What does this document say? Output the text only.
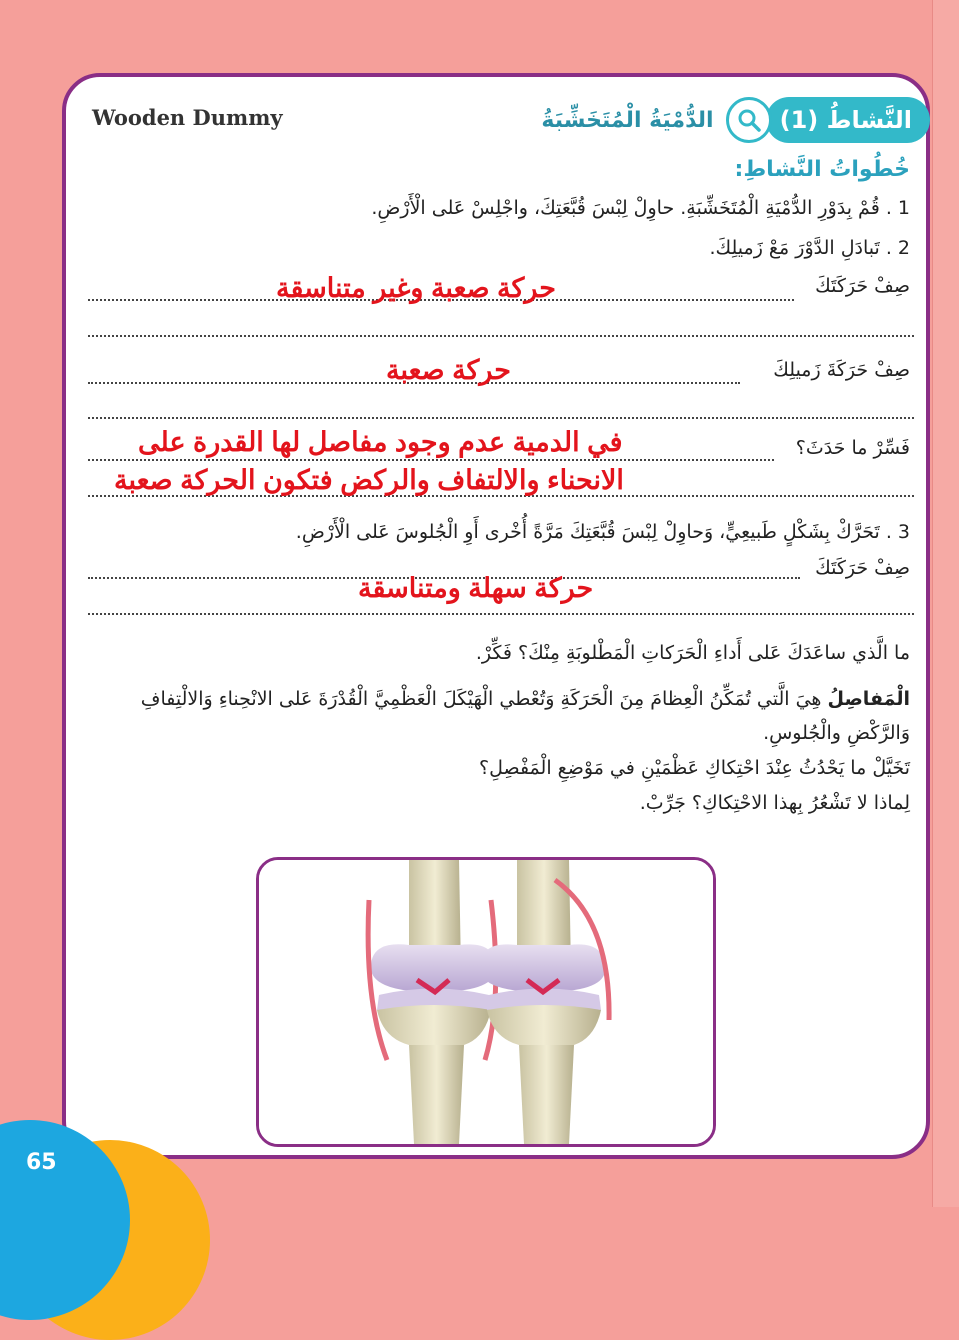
Wooden Dummy	النَّشاطُ (1)
الدُّمْيَةُ الْمُتَخَشِّبَةُ
خُطُواتُ النَّشاطِ:
1 . قُمْ بِدَوْرِ الدُّمْيَةِ الْمُتَخَشِّبَةِ. حاوِلْ لِبْسَ قُبَّعَتِكَ، واجْلِسْ عَلى الْأَرْضِ.
2 . تَبادَلِ الدَّوْرَ مَعْ زَميلِكَ.
صِفْ حَرَكَتَكَ
حركة صعبة وغير متناسقة
صِفْ حَرَكَةَ زَميلِكَ
حركة صعبة
فَسِّرْ ما حَدَثَ؟
في الدمية عدم وجود مفاصل لها القدرة على
الانحناء والالتفاف والركض فتكون الحركة صعبة
3 . تَحَرَّكْ بِشَكْلٍ طَبيعِيٍّ، وَحاوِلْ لِبْسَ قُبَّعَتِكَ مَرَّةً أُخْرى أَوِ الْجُلوسَ عَلى الْأَرْضِ.
صِفْ حَرَكَتَكَ
حركة سهلة ومتناسقة
ما الَّذي ساعَدَكَ عَلى أَداءِ الْحَرَكاتِ الْمَطْلوبَةِ مِنْكَ؟ فَكِّرْ.
الْمَفاصِلُ هِيَ الَّتي تُمَكِّنُ الْعِظامَ مِنَ الْحَرَكَةِ وَتُعْطي الْهَيْكَلَ الْعَظْمِيَّ الْقُدْرَةَ عَلى الانْحِناءِ وَالالْتِفافِ
وَالرَّكْضِ والْجُلوسِ.
تَخَيَّلْ ما يَحْدُثُ عِنْدَ احْتِكاكِ عَظْمَيْنِ في مَوْضِعِ الْمَفْصِلِ؟
لِماذا لا تَشْعُرُ بِهذا الاحْتِكاكِ؟ جَرِّبْ.
65
